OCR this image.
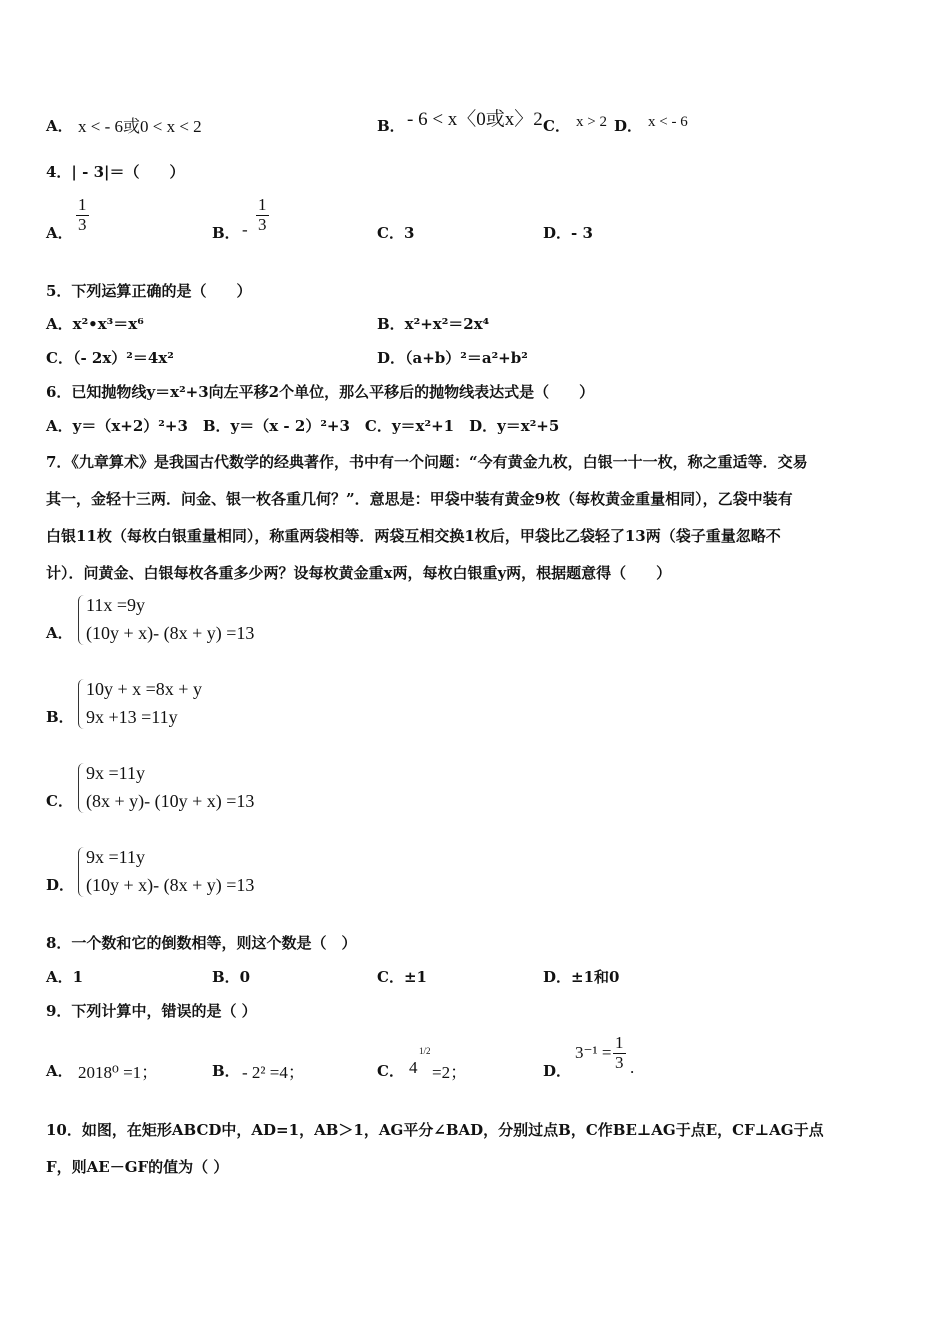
A． x < - 6或0 < x < 2	B． - 6 < x〈0或x〉2 C． x > 2 D． x < - 6
4．| - 3|＝（　　）
A． $\frac{1}{3}$	B． - $\frac{1}{3}$	C．3	D．- 3
5．下列运算正确的是（　　）
A．x²•x³＝x⁶	B．x²+x²＝2x⁴
C．（- 2x）²＝4x²	D．（a+b）²＝a²+b²
6．已知抛物线y＝x²+3向左平移2个单位，那么平移后的抛物线表达式是（　　）
A．y＝（x+2）²+3　B．y＝（x - 2）²+3　C．y＝x²+1　D．y＝x²+5
7．《九章算术》是我国古代数学的经典著作，书中有一个问题：“今有黄金九枚，白银一十一枚，称之重适等．交易
其一，金轻十三两．问金、银一枚各重几何？”．意思是：甲袋中装有黄金9枚（每枚黄金重量相同），乙袋中装有
白银11枚（每枚白银重量相同），称重两袋相等．两袋互相交换1枚后，甲袋比乙袋轻了13两（袋子重量忽略不
计）．问黄金、白银每枚各重多少两？设每枚黄金重x两，每枚白银重y两，根据题意得（　　）
A．
11x =9y
(10y + x)- (8x + y) =13
B．
10y + x =8x + y
9x +13 =11y
C．
9x =11y
(8x + y)- (10y + x) =13
D．
9x =11y
(10y + x)- (8x + y) =13
8．一个数和它的倒数相等，则这个数是（　）
A．1	B．0	C．±1	D．±1和0
9．下列计算中，错误的是（ ）
A． 2018⁰ =1；	B． - 2² =4；	C． 4
1/2
=2；	D．
$3^{-1} = \frac{1}{3}$ .
10．如图，在矩形ABCD中，AD=1，AB＞1，AG平分∠BAD，分别过点B，C作BE⊥AG于点E，CF⊥AG于点
F，则AE－GF的值为（ ）
